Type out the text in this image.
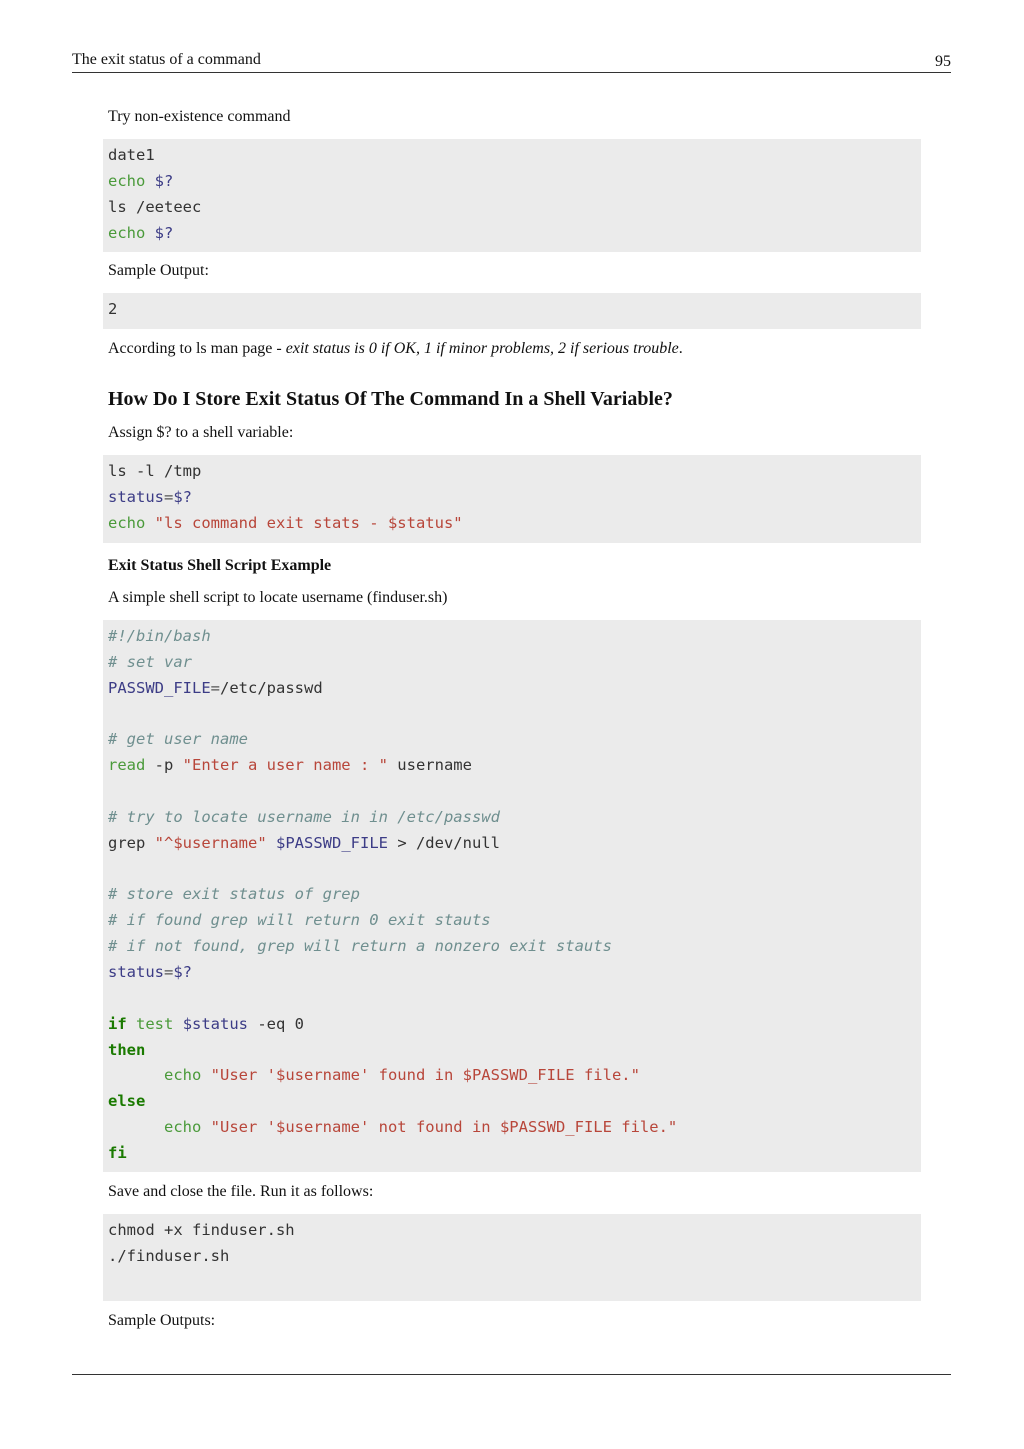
The exit status of a command	95
Try non-existence command
date1
echo $?
ls /eeteec
echo $?
Sample Output:
2
According to ls man page - exit status is 0 if OK, 1 if minor problems, 2 if serious trouble.
How Do I Store Exit Status Of The Command In a Shell Variable?
Assign $? to a shell variable:
ls -l /tmp
status=$?
echo "ls command exit stats - $status"
Exit Status Shell Script Example
A simple shell script to locate username (finduser.sh)
#!/bin/bash
# set var
PASSWD_FILE=/etc/passwd
# get user name
read -p "Enter a user name : " username
# try to locate username in in /etc/passwd
grep "^$username" $PASSWD_FILE > /dev/null
# store exit status of grep
# if found grep will return 0 exit stauts
# if not found, grep will return a nonzero exit stauts
status=$?
if test $status -eq 0
then
echo "User '$username' found in $PASSWD_FILE file."
else
echo "User '$username' not found in $PASSWD_FILE file."
fi
Save and close the file. Run it as follows:
chmod +x finduser.sh
./finduser.sh
Sample Outputs:
